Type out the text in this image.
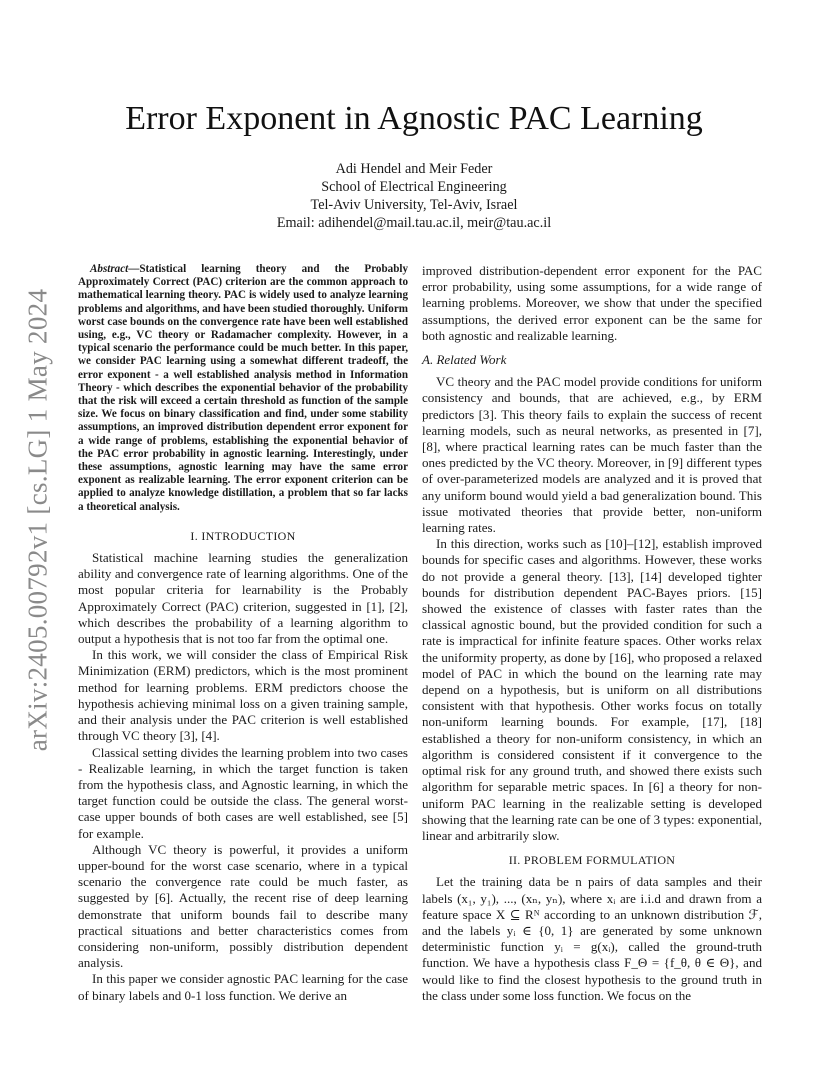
arXiv:2405.00792v1 [cs.LG] 1 May 2024
Error Exponent in Agnostic PAC Learning
Adi Hendel and Meir Feder
School of Electrical Engineering
Tel-Aviv University, Tel-Aviv, Israel
Email: adihendel@mail.tau.ac.il, meir@tau.ac.il

Abstract—Statistical learning theory and the Probably Approximately Correct (PAC) criterion are the common approach to mathematical learning theory. PAC is widely used to analyze learning problems and algorithms, and have been studied thoroughly. Uniform worst case bounds on the convergence rate have been well established using, e.g., VC theory or Radamacher complexity. However, in a typical scenario the performance could be much better. In this paper, we consider PAC learning using a somewhat different tradeoff, the error exponent - a well established analysis method in Information Theory - which describes the exponential behavior of the probability that the risk will exceed a certain threshold as function of the sample size. We focus on binary classification and find, under some stability assumptions, an improved distribution dependent error exponent for a wide range of problems, establishing the exponential behavior of the PAC error probability in agnostic learning. Interestingly, under these assumptions, agnostic learning may have the same error exponent as realizable learning. The error exponent criterion can be applied to analyze knowledge distillation, a problem that so far lacks a theoretical analysis.

I. INTRODUCTION

Statistical machine learning studies the generalization ability and convergence rate of learning algorithms. One of the most popular criteria for learnability is the Probably Approximately Correct (PAC) criterion, suggested in [1], [2], which describes the probability of a learning algorithm to output a hypothesis that is not too far from the optimal one.

In this work, we will consider the class of Empirical Risk Minimization (ERM) predictors, which is the most prominent method for learning problems. ERM predictors choose the hypothesis achieving minimal loss on a given training sample, and their analysis under the PAC criterion is well established through VC theory [3], [4].

Classical setting divides the learning problem into two cases - Realizable learning, in which the target function is taken from the hypothesis class, and Agnostic learning, in which the target function could be outside the class. The general worst-case upper bounds of both cases are well established, see [5] for example.

Although VC theory is powerful, it provides a uniform upper-bound for the worst case scenario, where in a typical scenario the convergence rate could be much faster, as suggested by [6]. Actually, the recent rise of deep learning demonstrate that uniform bounds fail to describe many practical situations and better characteristics comes from considering non-uniform, possibly distribution dependent analysis.

In this paper we consider agnostic PAC learning for the case of binary labels and 0-1 loss function. We derive an

improved distribution-dependent error exponent for the PAC error probability, using some assumptions, for a wide range of learning problems. Moreover, we show that under the specified assumptions, the derived error exponent can be the same for both agnostic and realizable learning.

A. Related Work

VC theory and the PAC model provide conditions for uniform consistency and bounds, that are achieved, e.g., by ERM predictors [3]. This theory fails to explain the success of recent learning models, such as neural networks, as presented in [7], [8], where practical learning rates can be much faster than the ones predicted by the VC theory. Moreover, in [9] different types of over-parameterized models are analyzed and it is proved that any uniform bound would yield a bad generalization bound. This issue motivated theories that provide better, non-uniform learning rates.

In this direction, works such as [10]–[12], establish improved bounds for specific cases and algorithms. However, these works do not provide a general theory. [13], [14] developed tighter bounds for distribution dependent PAC-Bayes priors. [15] showed the existence of classes with faster rates than the classical agnostic bound, but the provided condition for such a rate is impractical for infinite feature spaces. Other works relax the uniformity property, as done by [16], who proposed a relaxed model of PAC in which the bound on the learning rate may depend on a hypothesis, but is uniform on all distributions consistent with that hypothesis. Other works focus on totally non-uniform learning bounds. For example, [17], [18] established a theory for non-uniform consistency, in which an algorithm is considered consistent if it convergence to the optimal risk for any ground truth, and showed there exists such algorithm for separable metric spaces. In [6] a theory for non-uniform PAC learning in the realizable setting is developed showing that the learning rate can be one of 3 types: exponential, linear and arbitrarily slow.

II. PROBLEM FORMULATION

Let the training data be n pairs of data samples and their labels (x₁, y₁), ..., (xₙ, yₙ), where xᵢ are i.i.d and drawn from a feature space X ⊆ Rᴺ according to an unknown distribution ℱ, and the labels yᵢ ∈ {0, 1} are generated by some unknown deterministic function yᵢ = g(xᵢ), called the ground-truth function. We have a hypothesis class F_Θ = {f_θ, θ ∈ Θ}, and would like to find the closest hypothesis to the ground truth in the class under some loss function. We focus on the
